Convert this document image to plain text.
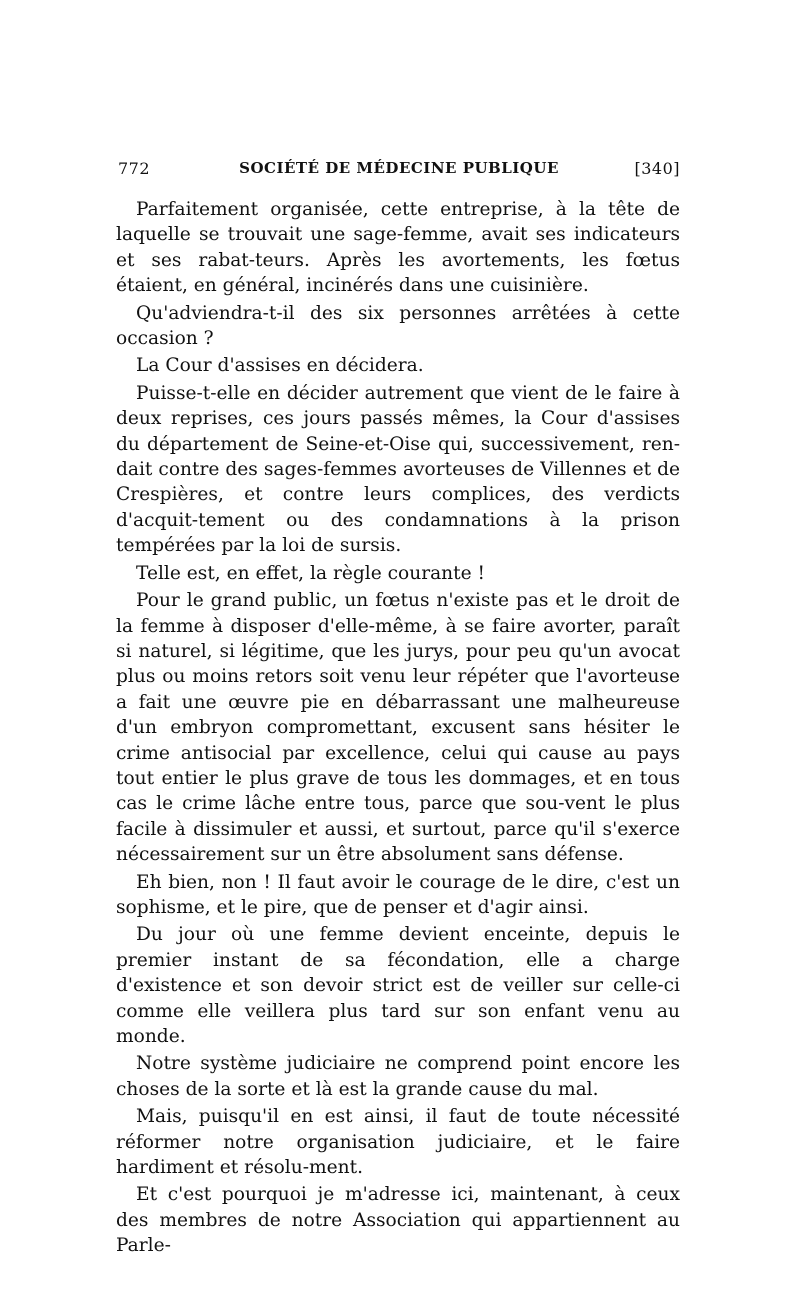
772	SOCIÉTÉ DE MÉDECINE PUBLIQUE	[340]

Parfaitement organisée, cette entreprise, à la tête de laquelle se trouvait une sage-femme, avait ses indicateurs et ses rabat-teurs. Après les avortements, les fœtus étaient, en général, incinérés dans une cuisinière.

Qu'adviendra-t-il des six personnes arrêtées à cette occasion ?

La Cour d'assises en décidera.

Puisse-t-elle en décider autrement que vient de le faire à deux reprises, ces jours passés mêmes, la Cour d'assises du département de Seine-et-Oise qui, successivement, ren-dait contre des sages-femmes avorteuses de Villennes et de Crespières, et contre leurs complices, des verdicts d'acquit-tement ou des condamnations à la prison tempérées par la loi de sursis.

Telle est, en effet, la règle courante !

Pour le grand public, un fœtus n'existe pas et le droit de la femme à disposer d'elle-même, à se faire avorter, paraît si naturel, si légitime, que les jurys, pour peu qu'un avocat plus ou moins retors soit venu leur répéter que l'avorteuse a fait une œuvre pie en débarrassant une malheureuse d'un embryon compromettant, excusent sans hésiter le crime antisocial par excellence, celui qui cause au pays tout entier le plus grave de tous les dommages, et en tous cas le crime lâche entre tous, parce que sou-vent le plus facile à dissimuler et aussi, et surtout, parce qu'il s'exerce nécessairement sur un être absolument sans défense.

Eh bien, non ! Il faut avoir le courage de le dire, c'est un sophisme, et le pire, que de penser et d'agir ainsi.

Du jour où une femme devient enceinte, depuis le premier instant de sa fécondation, elle a charge d'existence et son devoir strict est de veiller sur celle-ci comme elle veillera plus tard sur son enfant venu au monde.

Notre système judiciaire ne comprend point encore les choses de la sorte et là est la grande cause du mal.

Mais, puisqu'il en est ainsi, il faut de toute nécessité réformer notre organisation judiciaire, et le faire hardiment et résolu-ment.

Et c'est pourquoi je m'adresse ici, maintenant, à ceux des membres de notre Association qui appartiennent au Parle-
